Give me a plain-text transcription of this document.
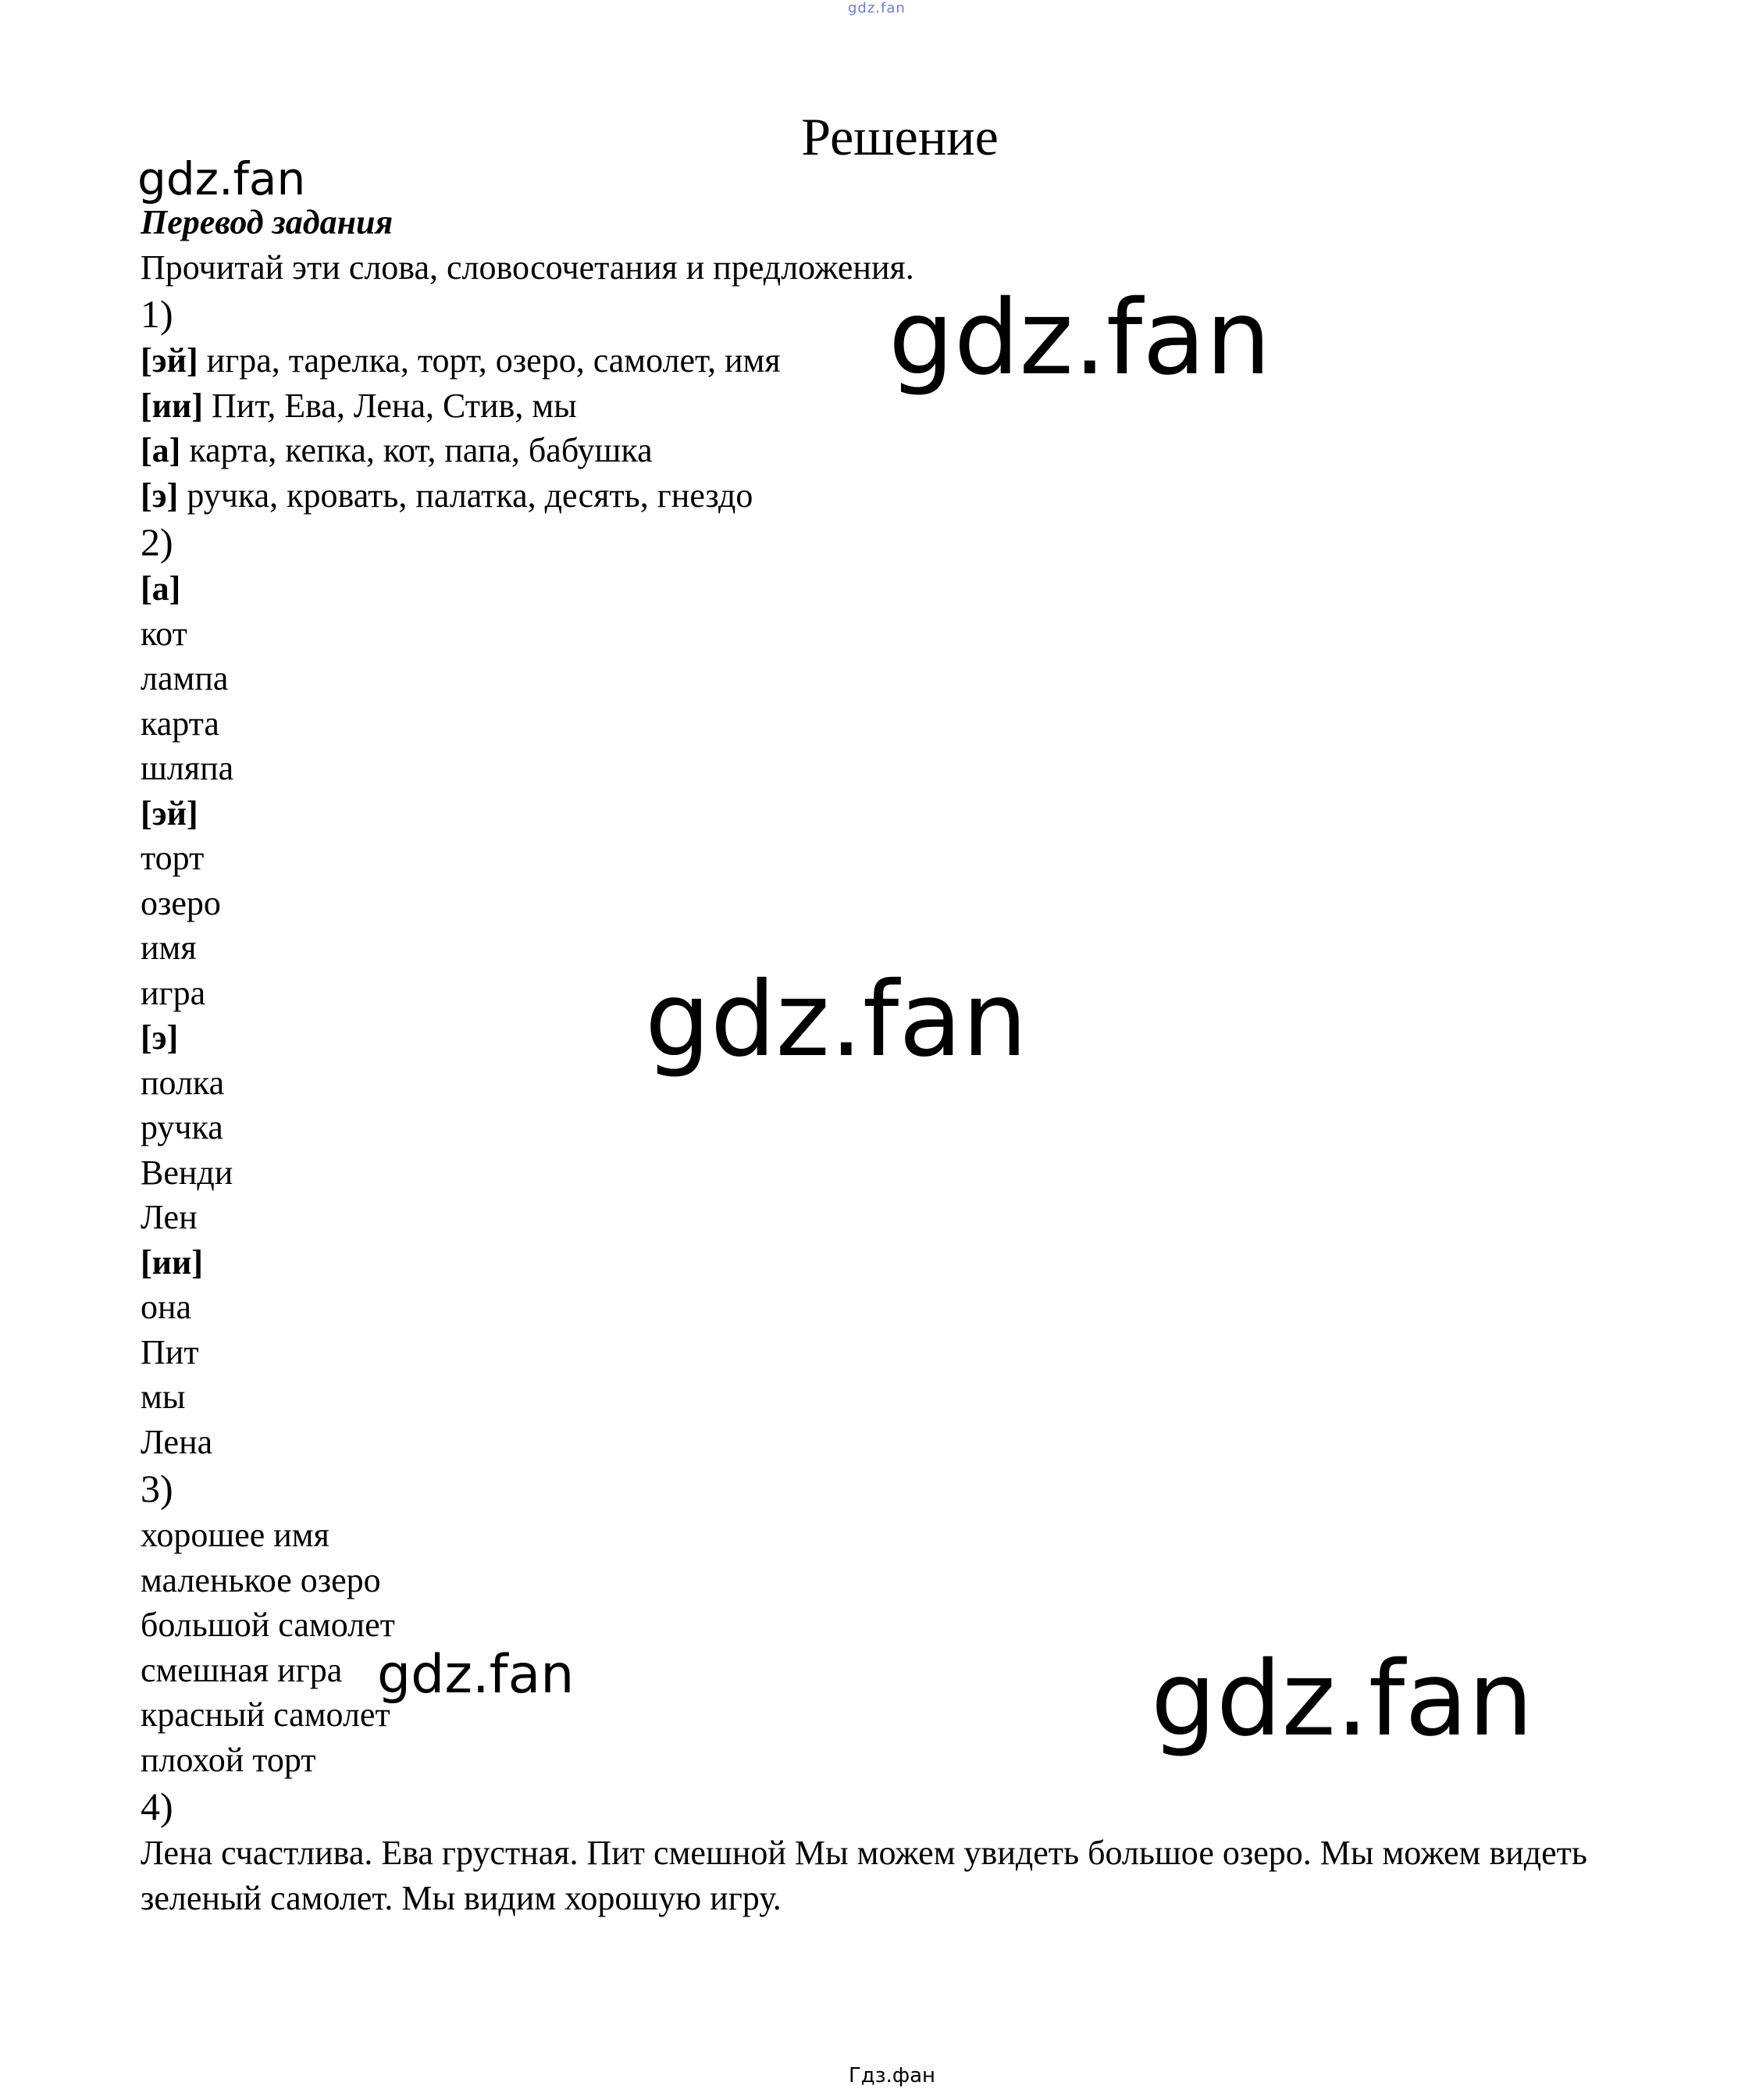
gdz.fan
Решение
gdz.fan
gdz.fan
gdz.fan
gdz.fan	gdz.fan
Перевод задания
Прочитай эти слова, словосочетания и предложения.
1)
[эй] игра, тарелка, торт, озеро, самолет, имя
[ии] Пит, Ева, Лена, Стив, мы
[а] карта, кепка, кот, папа, бабушка
[э] ручка, кровать, палатка, десять, гнездо
2)
[а]
кот
лампа
карта
шляпа
[эй]
торт
озеро
имя
игра
[э]
полка
ручка
Венди
Лен
[ии]
она
Пит
мы
Лена
3)
хорошее имя
маленькое озеро
большой самолет
смешная игра
красный самолет
плохой торт
4)
Лена счастлива. Ева грустная. Пит смешной Мы можем увидеть большое озеро. Мы можем видеть зеленый самолет. Мы видим хорошую игру.
Гдз.фан
